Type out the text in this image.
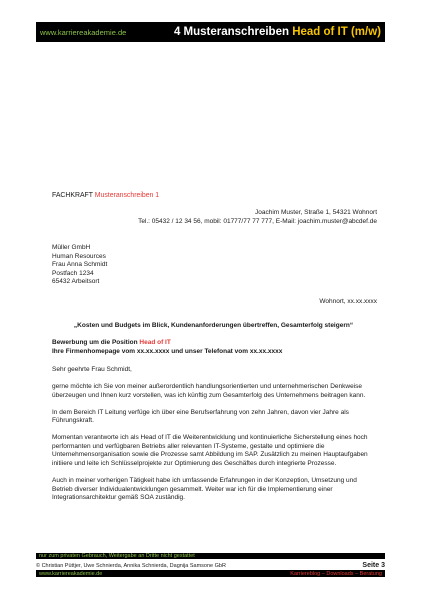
www.karriereakademie.de	4 Musteranschreiben Head of IT (m/w)
FACHKRAFT Musteranschreiben 1
Joachim Muster, Straße 1, 54321 Wohnort
Tel.: 05432 / 12 34 56, mobil: 01777/77 77 777, E-Mail: joachim.muster@abcdef.de
Müller GmbH
Human Resources
Frau Anna Schmidt
Postfach 1234
65432 Arbeitsort
Wohnort, xx.xx.xxxx
„Kosten und Budgets im Blick, Kundenanforderungen übertreffen, Gesamterfolg steigern“
Bewerbung um die Position Head of IT
Ihre Firmenhomepage vom xx.xx.xxxx und unser Telefonat vom xx.xx.xxxx

Sehr geehrte Frau Schmidt,

gerne möchte ich Sie von meiner außerordentlich handlungsorientierten und unternehmerischen Denkweise überzeugen und Ihnen kurz vorstellen, was ich künftig zum Gesamterfolg des Unternehmens beitragen kann.

In dem Bereich IT Leitung verfüge ich über eine Berufserfahrung von zehn Jahren, davon vier Jahre als Führungskraft.

Momentan verantworte ich als Head of IT die Weiterentwicklung und kontinuierliche Sicherstellung eines hoch performanten und verfügbaren Betriebs aller relevanten IT-Systeme, gestalte und optimiere die Unternehmensorganisation sowie die Prozesse samt Abbildung im SAP. Zusätzlich zu meinen Hauptaufgaben initiiere und leite ich Schlüsselprojekte zur Optimierung des Geschäftes durch integrierte Prozesse.

Auch in meiner vorherigen Tätigkeit habe ich umfassende Erfahrungen in der Konzeption, Umsetzung und Betrieb diverser Individualentwicklungen gesammelt. Weiter war ich für die Implementierung einer Integrationsarchitektur gemäß SOA zuständig.

nur zum privaten Gebrauch, Weitergabe an Dritte nicht gestattet
© Christian Püttjer, Uwe Schnierda, Annika Schnierda, Dagnija Samsone GbR	Seite 3
www.karriereakademie.de	Karriereblog – Downloads – Beratung
